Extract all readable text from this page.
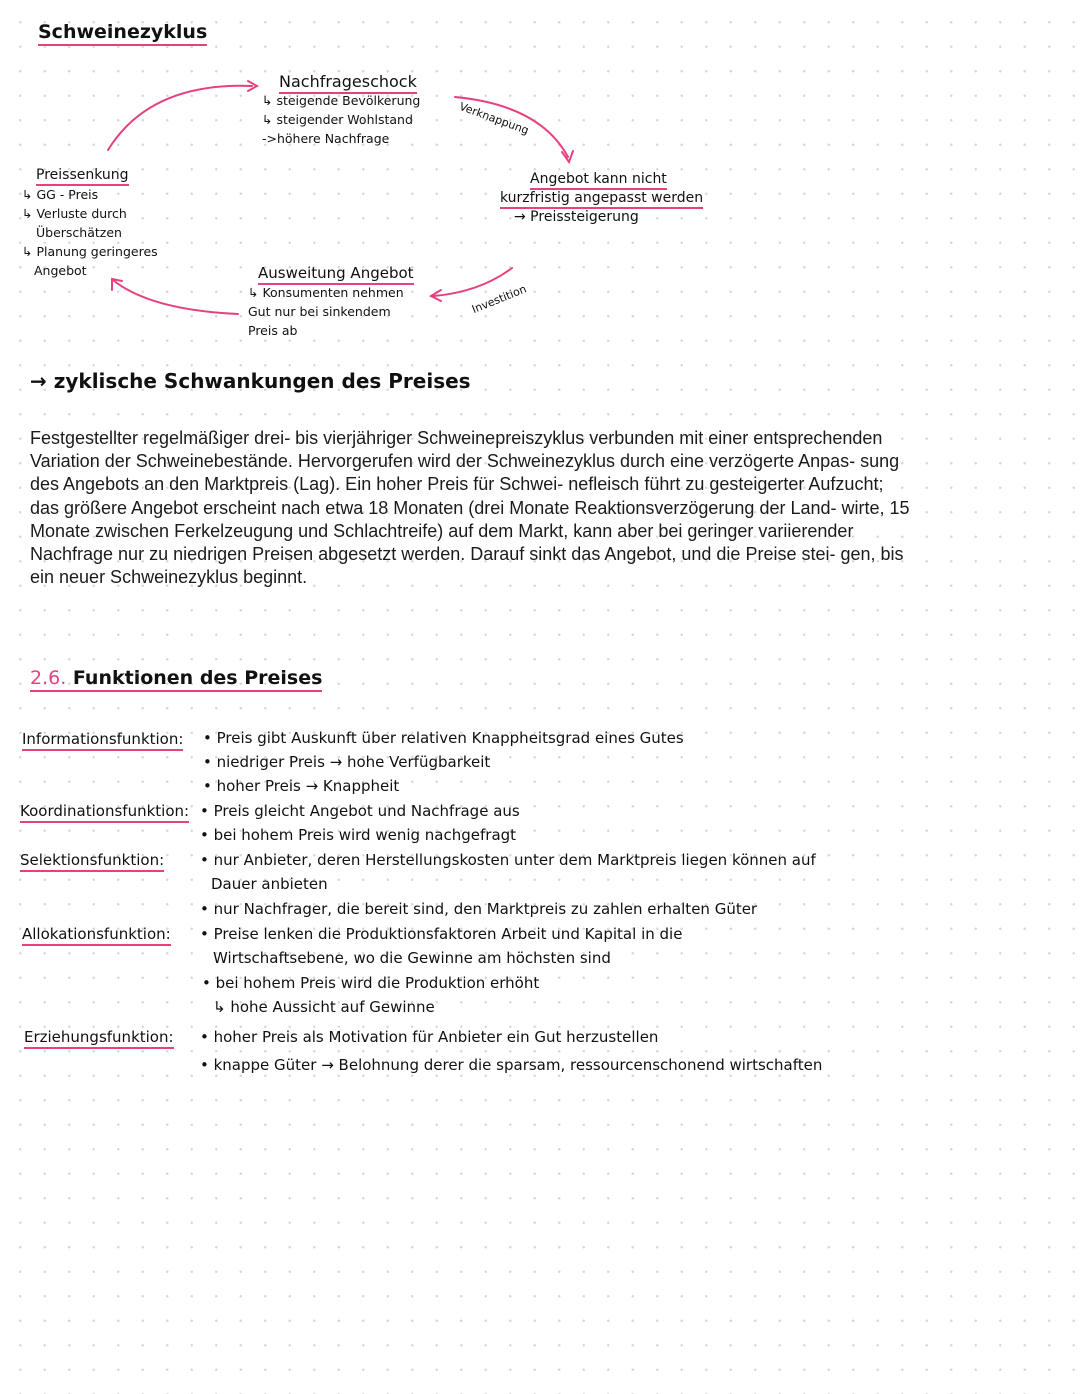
Schweinezyklus
Nachfrageschock
↳ steigende Bevölkerung
↳ steigender Wohlstand
->höhere Nachfrage
Verknappung
Investition
Angebot kann nicht
kurzfristig angepasst werden
→ Preissteigerung
Ausweitung Angebot
↳ Konsumenten nehmen
Gut nur bei sinkendem
Preis ab
Preissenkung
↳ GG - Preis
↳ Verluste durch
Überschätzen
↳ Planung geringeres
Angebot
→ zyklische Schwankungen des Preises
Festgestellter regelmäßiger drei- bis vierjähriger Schweinepreiszyklus verbunden mit einer entsprechenden Variation der Schweinebestände. Hervorgerufen wird der Schweinezyklus durch eine verzögerte Anpas- sung des Angebots an den Marktpreis (Lag). Ein hoher Preis für Schwei- nefleisch führt zu gesteigerter Aufzucht; das größere Angebot erscheint nach etwa 18 Monaten (drei Monate Reaktionsverzögerung der Land- wirte, 15 Monate zwischen Ferkelzeugung und Schlachtreife) auf dem Markt, kann aber bei geringer variierender Nachfrage nur zu niedrigen Preisen abgesetzt werden. Darauf sinkt das Angebot, und die Preise stei- gen, bis ein neuer Schweinezyklus beginnt.
2.6. Funktionen des Preises
Informationsfunktion:
Koordinationsfunktion:
Selektionsfunktion:
Allokationsfunktion:
Erziehungsfunktion:
• Preis gibt Auskunft über relativen Knappheitsgrad eines Gutes
• niedriger Preis → hohe Verfügbarkeit
• hoher Preis → Knappheit
• Preis gleicht Angebot und Nachfrage aus
• bei hohem Preis wird wenig nachgefragt
• nur Anbieter, deren Herstellungskosten unter dem Marktpreis liegen können auf
Dauer anbieten
• nur Nachfrager, die bereit sind, den Marktpreis zu zahlen erhalten Güter
• Preise lenken die Produktionsfaktoren Arbeit und Kapital in die
Wirtschaftsebene, wo die Gewinne am höchsten sind
• bei hohem Preis wird die Produktion erhöht
↳ hohe Aussicht auf Gewinne
• hoher Preis als Motivation für Anbieter ein Gut herzustellen
• knappe Güter → Belohnung derer die sparsam, ressourcenschonend wirtschaften
